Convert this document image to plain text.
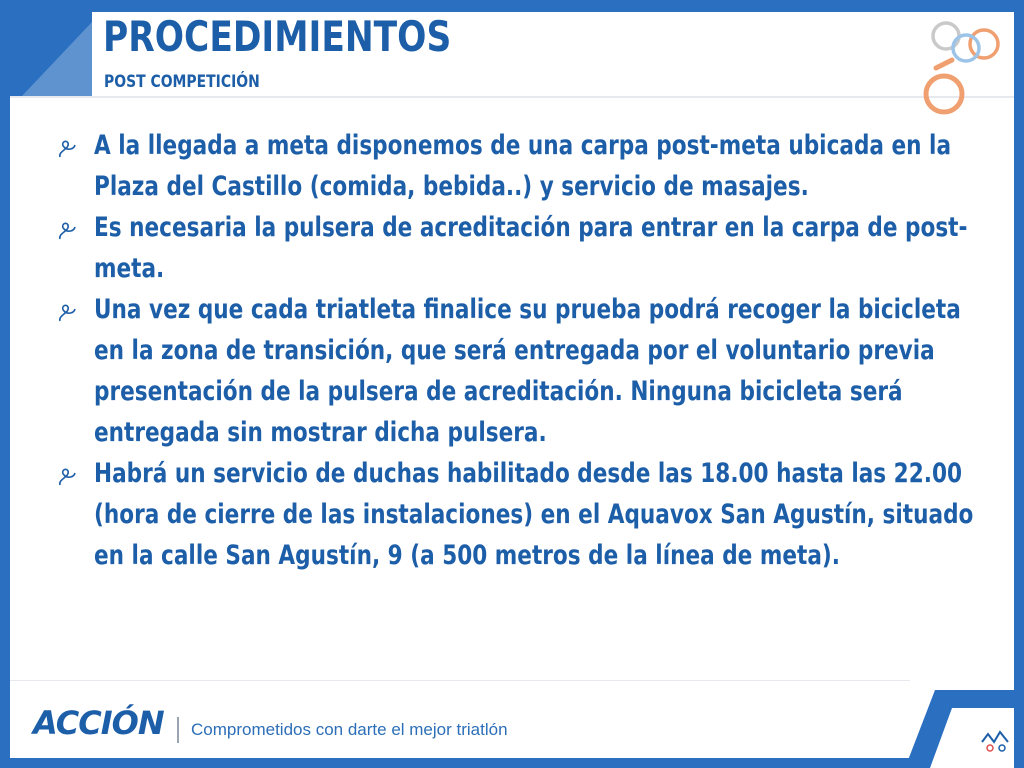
PROCEDIMIENTOS
POST COMPETICIÓN
A la llegada a meta disponemos de una carpa post-meta ubicada en la Plaza del Castillo (comida, bebida..) y servicio de masajes.
Es necesaria la pulsera de acreditación para entrar en la carpa de post-meta.
Una vez que cada triatleta finalice su prueba podrá recoger la bicicleta en la zona de transición, que será entregada por el voluntario previa presentación de la pulsera de acreditación. Ninguna bicicleta será entregada sin mostrar dicha pulsera.
Habrá un servicio de duchas habilitado desde las 18.00 hasta las 22.00 (hora de cierre de las instalaciones) en el Aquavox San Agustín, situado en la calle San Agustín, 9 (a 500 metros de la línea de meta).
ACCIÓN Comprometidos con darte el mejor triatlón
